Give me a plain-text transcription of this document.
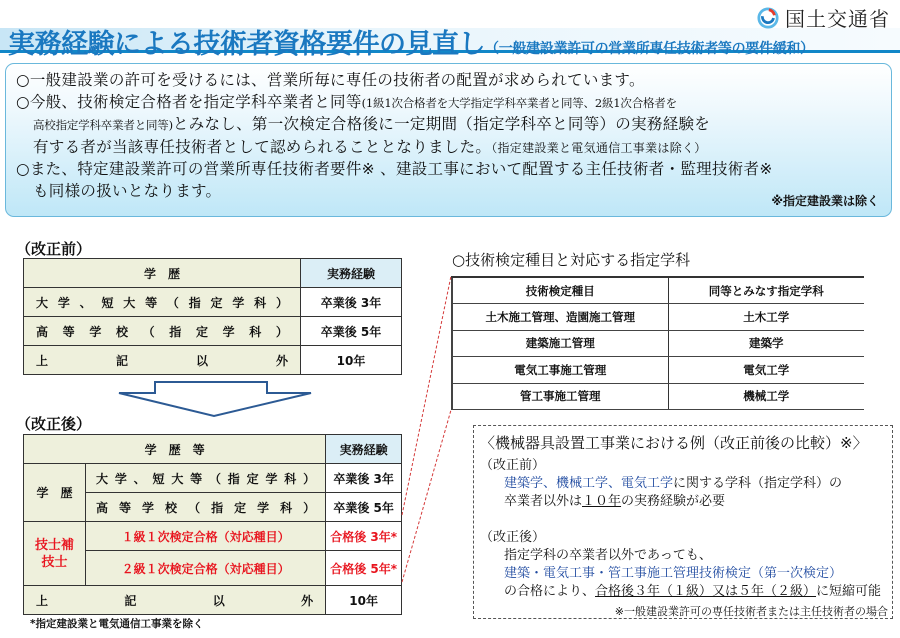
実務経験による技術者資格要件の見直し（一般建設業許可の営業所専任技術者等の要件緩和）
国土交通省

○一般建設業の許可を受けるには、営業所毎に専任の技術者の配置が求められています。

○今般、技術検定合格者を指定学科卒業者と同等(1級1次合格者を大学指定学科卒業者と同等、2級1次合格者を

高校指定学科卒業者と同等)とみなし、第一次検定合格後に一定期間（指定学科卒と同等）の実務経験を

有する者が当該専任技術者として認められることとなりました。（指定建設業と電気通信工事業は除く）

○また、特定建設業許可の営業所専任技術者要件※ 、建設工事において配置する主任技術者・監理技術者※

も同様の扱いとなります。

※指定建設業は除く
（改正前）
学　歴	実務経験

大 学 、 短 大 等 （ 指 定 学 科 ）	卒業後 3年

高 等 学 校 （ 指 定 学 科 ）	卒業後 5年

上 記 以 外	10年
（改正後）
学　歴　等		実務経験
学　歴	
大 学 、 短 大 等 （ 指 定 学 科 ）	卒業後 3年

高 等 学 校 （ 指 定 学 科 ）	卒業後 5年

技士補
技士	１級１次検定合格（対応種目）	合格後 3年*
	２級１次検定合格（対応種目）	合格後 5年*

上 記 以 外		10年
*指定建設業と電気通信工事業を除く
○技術検定種目と対応する指定学科
技術検定種目	同等とみなす指定学科
土木施工管理、造園施工管理	土木工学
建築施工管理	建築学
電気工事施工管理	電気工学
管工事施工管理	機械工学
〈機械器具設置工事業における例（改正前後の比較）※〉
（改正前）
建築学、機械工学、電気工学に関する学科（指定学科）の
卒業者以外は１０年の実務経験が必要
（改正後）
指定学科の卒業者以外であっても、
建築・電気工事・管工事施工管理技術検定（第一次検定）
の合格により、合格後３年（１級）又は５年（２級）に短縮可能
※一般建設業許可の専任技術者または主任技術者の場合
